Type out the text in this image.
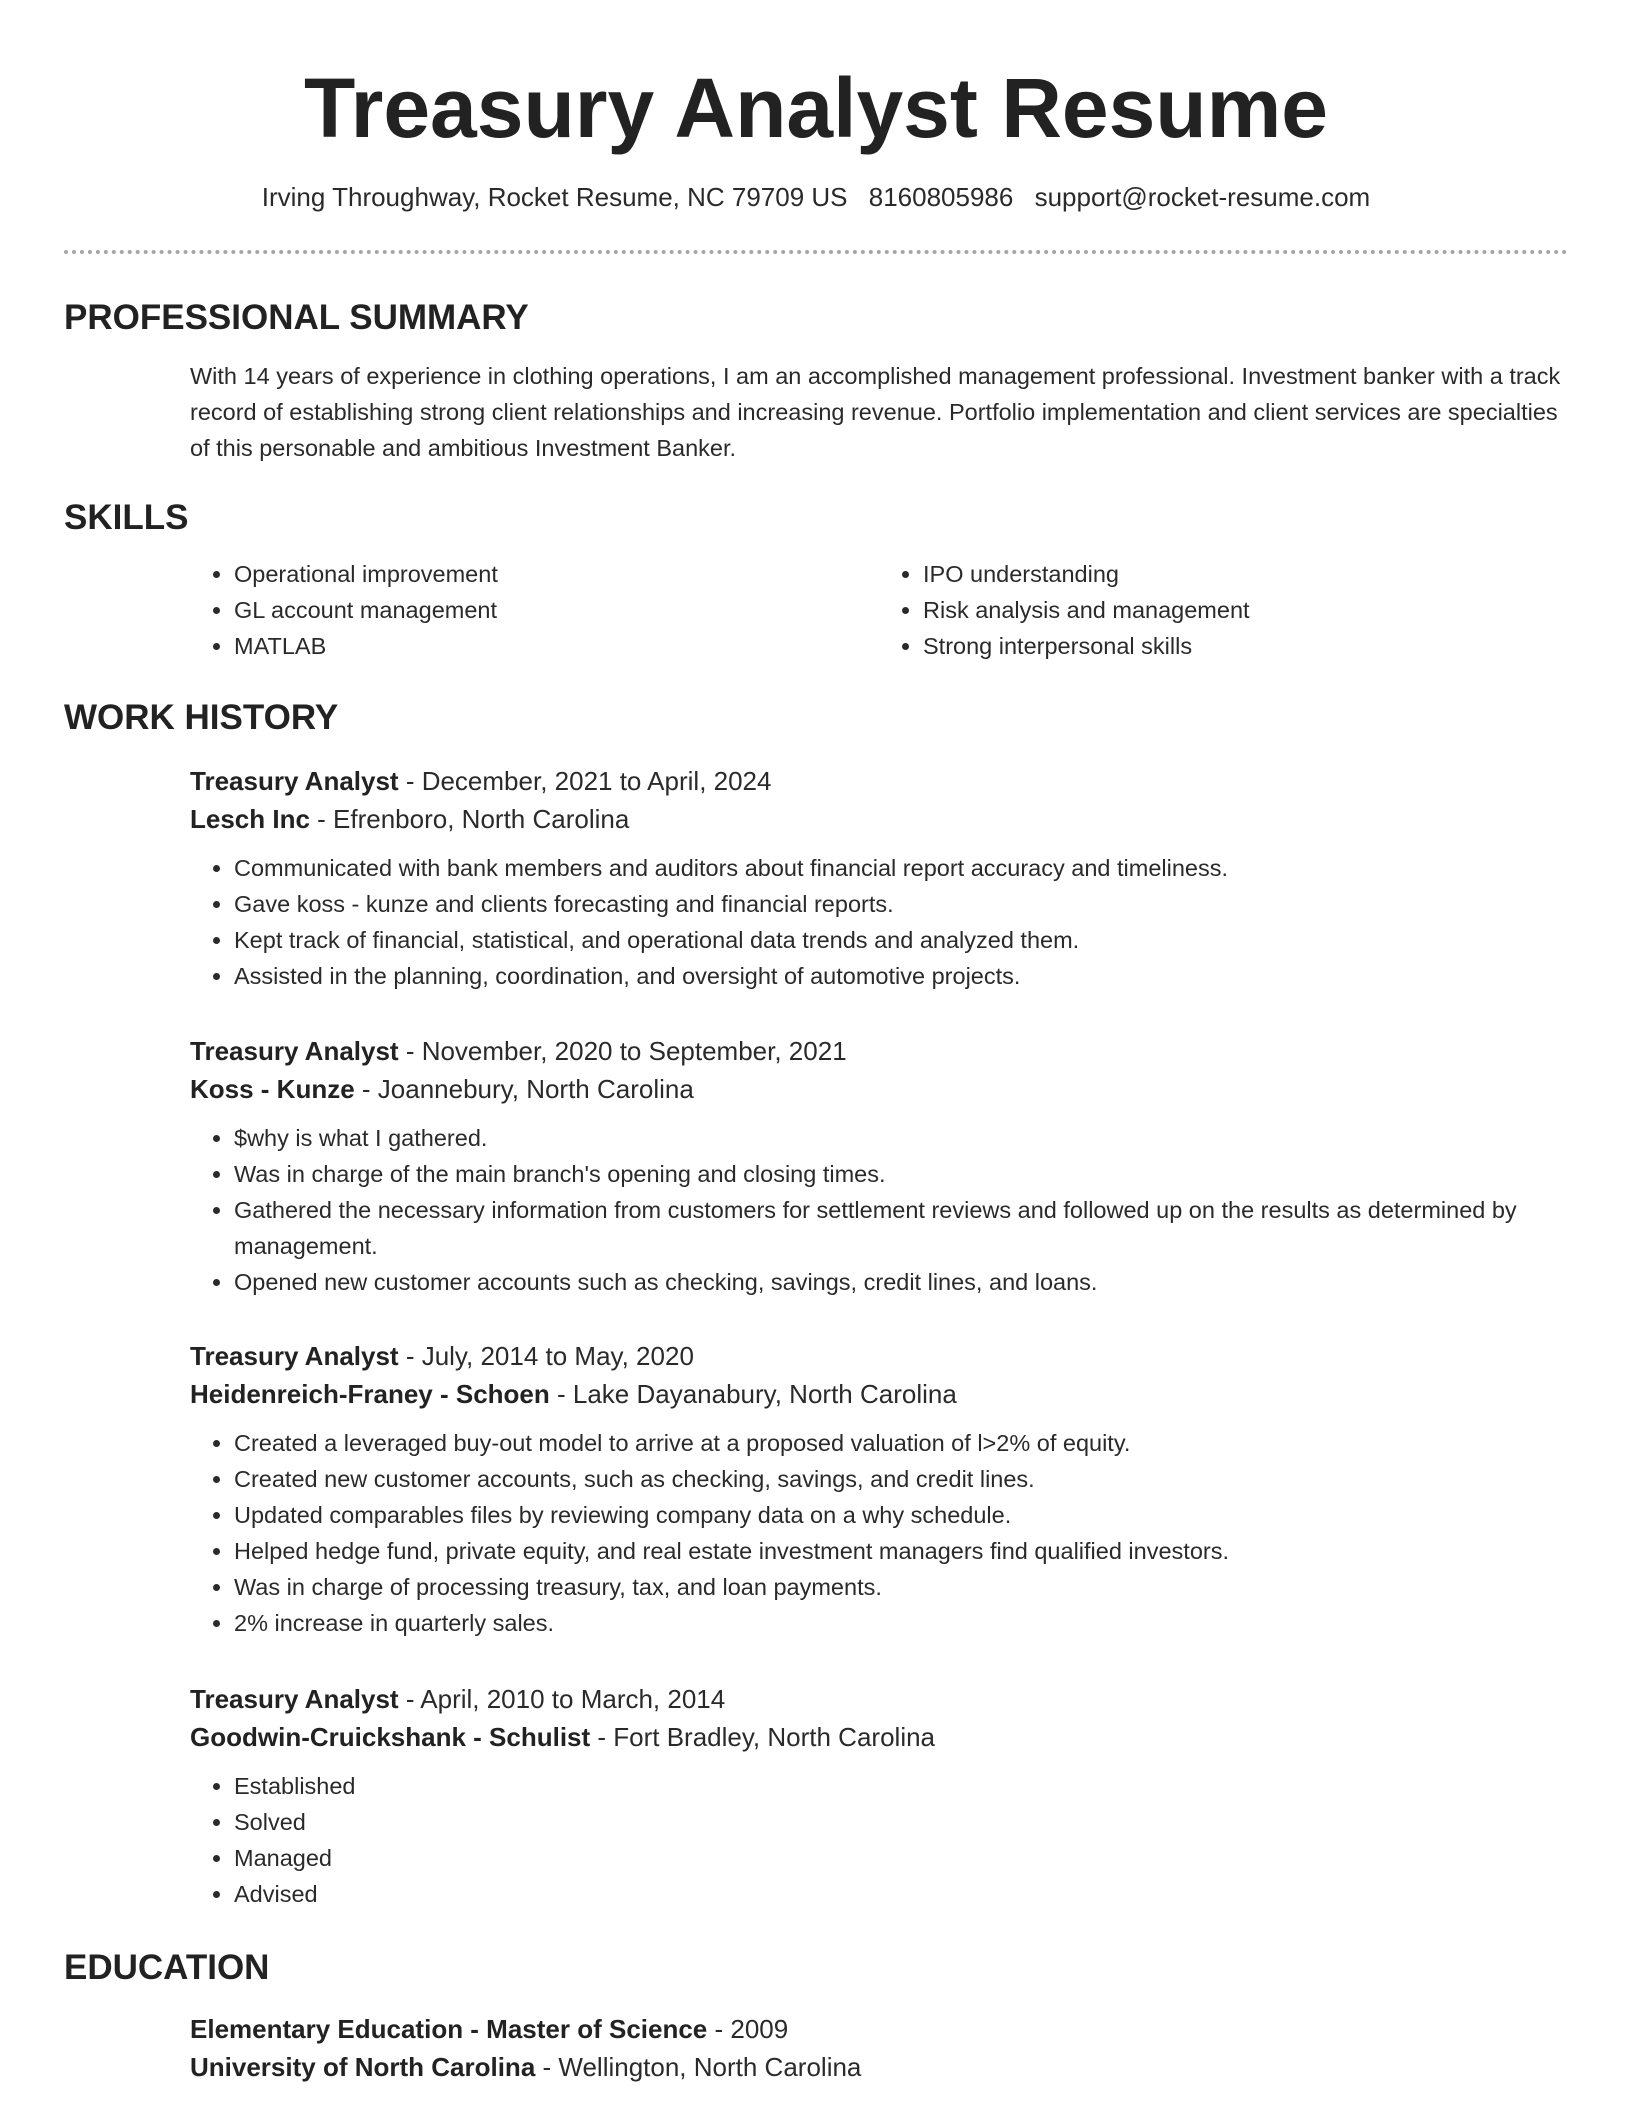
Treasury Analyst Resume
Irving Throughway, Rocket Resume, NC 79709 US 8160805986 support@rocket-resume.com
PROFESSIONAL SUMMARY
With 14 years of experience in clothing operations, I am an accomplished management professional. Investment banker with a track record of establishing strong client relationships and increasing revenue. Portfolio implementation and client services are specialties of this personable and ambitious Investment Banker.
SKILLS
• Operational improvement
• GL account management
• MATLAB
• IPO understanding
• Risk analysis and management
• Strong interpersonal skills
WORK HISTORY
Treasury Analyst - December, 2021 to April, 2024
Lesch Inc - Efrenboro, North Carolina
• Communicated with bank members and auditors about financial report accuracy and timeliness.
• Gave koss - kunze and clients forecasting and financial reports.
• Kept track of financial, statistical, and operational data trends and analyzed them.
• Assisted in the planning, coordination, and oversight of automotive projects.
Treasury Analyst - November, 2020 to September, 2021
Koss - Kunze - Joannebury, North Carolina
• $why is what I gathered.
• Was in charge of the main branch's opening and closing times.
• Gathered the necessary information from customers for settlement reviews and followed up on the results as determined by management.
• Opened new customer accounts such as checking, savings, credit lines, and loans.
Treasury Analyst - July, 2014 to May, 2020
Heidenreich-Franey - Schoen - Lake Dayanabury, North Carolina
• Created a leveraged buy-out model to arrive at a proposed valuation of l>2% of equity.
• Created new customer accounts, such as checking, savings, and credit lines.
• Updated comparables files by reviewing company data on a why schedule.
• Helped hedge fund, private equity, and real estate investment managers find qualified investors.
• Was in charge of processing treasury, tax, and loan payments.
• 2% increase in quarterly sales.
Treasury Analyst - April, 2010 to March, 2014
Goodwin-Cruickshank - Schulist - Fort Bradley, North Carolina
• Established
• Solved
• Managed
• Advised
EDUCATION
Elementary Education - Master of Science - 2009
University of North Carolina - Wellington, North Carolina
